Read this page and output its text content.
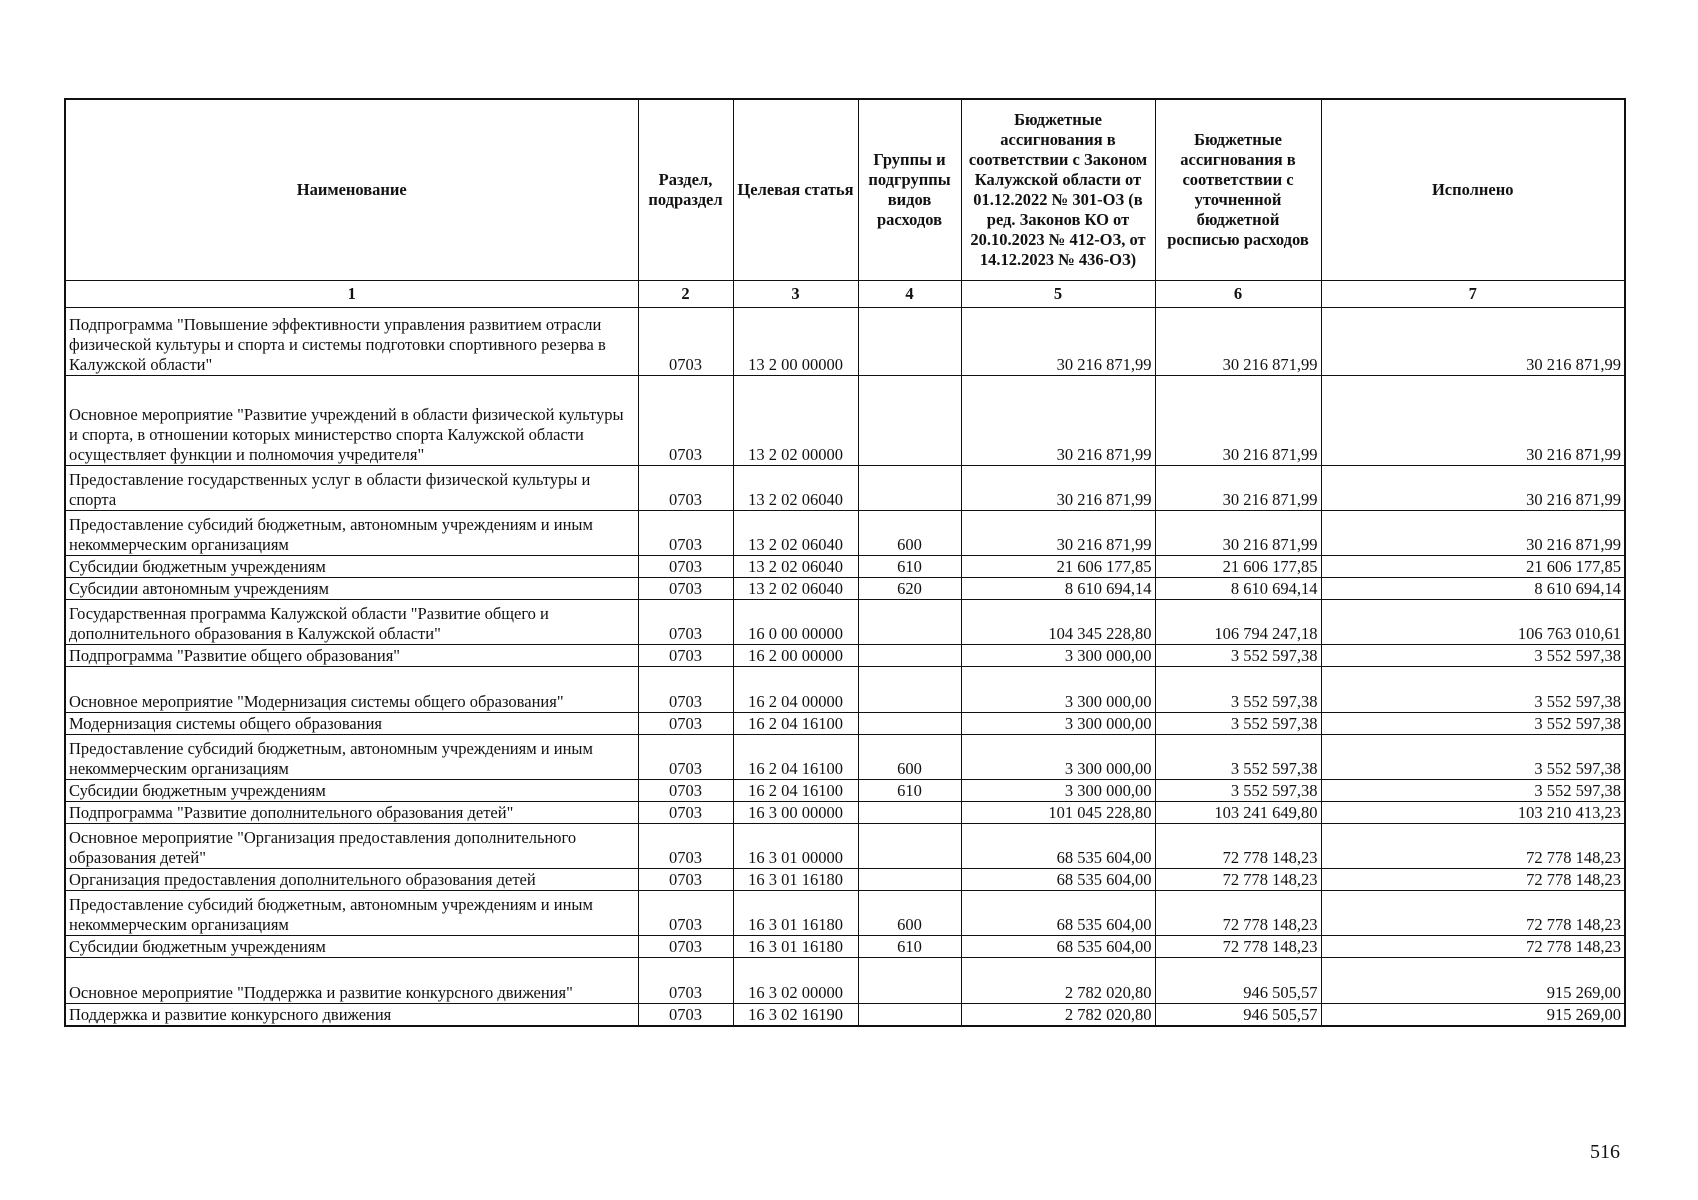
Наименование	Раздел, подраздел	Целевая статья	Группы и подгруппы видов расходов	Бюджетные ассигнования в соответствии с Законом Калужской области от 01.12.2022 № 301-ОЗ (в ред. Законов КО от 20.10.2023 № 412-ОЗ, от 14.12.2023 № 436-ОЗ)	Бюджетные ассигнования в соответствии с уточненной бюджетной росписью расходов	Исполнено
1	2	3	4	5	6	7
Подпрограмма "Повышение эффективности управления развитием отрасли физической культуры и спорта и системы подготовки спортивного резерва в Калужской области"	0703	13 2 00 00000		30 216 871,99	30 216 871,99	30 216 871,99
Основное мероприятие "Развитие учреждений в области физической культуры и спорта, в отношении которых министерство спорта Калужской области осуществляет функции и полномочия учредителя"	0703	13 2 02 00000		30 216 871,99	30 216 871,99	30 216 871,99
Предоставление государственных услуг в области физической культуры и спорта	0703	13 2 02 06040		30 216 871,99	30 216 871,99	30 216 871,99
Предоставление субсидий бюджетным, автономным учреждениям и иным некоммерческим организациям	0703	13 2 02 06040	600	30 216 871,99	30 216 871,99	30 216 871,99
Субсидии бюджетным учреждениям	0703	13 2 02 06040	610	21 606 177,85	21 606 177,85	21 606 177,85
Субсидии автономным учреждениям	0703	13 2 02 06040	620	8 610 694,14	8 610 694,14	8 610 694,14
Государственная программа Калужской области "Развитие общего и дополнительного образования в Калужской области"	0703	16 0 00 00000		104 345 228,80	106 794 247,18	106 763 010,61
Подпрограмма "Развитие общего образования"	0703	16 2 00 00000		3 300 000,00	3 552 597,38	3 552 597,38
Основное мероприятие "Модернизация системы общего образования"	0703	16 2 04 00000		3 300 000,00	3 552 597,38	3 552 597,38
Модернизация системы общего образования	0703	16 2 04 16100		3 300 000,00	3 552 597,38	3 552 597,38
Предоставление субсидий бюджетным, автономным учреждениям и иным некоммерческим организациям	0703	16 2 04 16100	600	3 300 000,00	3 552 597,38	3 552 597,38
Субсидии бюджетным учреждениям	0703	16 2 04 16100	610	3 300 000,00	3 552 597,38	3 552 597,38
Подпрограмма "Развитие дополнительного образования детей"	0703	16 3 00 00000		101 045 228,80	103 241 649,80	103 210 413,23
Основное мероприятие "Организация предоставления дополнительного образования детей"	0703	16 3 01 00000		68 535 604,00	72 778 148,23	72 778 148,23
Организация предоставления дополнительного образования детей	0703	16 3 01 16180		68 535 604,00	72 778 148,23	72 778 148,23
Предоставление субсидий бюджетным, автономным учреждениям и иным некоммерческим организациям	0703	16 3 01 16180	600	68 535 604,00	72 778 148,23	72 778 148,23
Субсидии бюджетным учреждениям	0703	16 3 01 16180	610	68 535 604,00	72 778 148,23	72 778 148,23
Основное мероприятие "Поддержка и развитие конкурсного движения"	0703	16 3 02 00000		2 782 020,80	946 505,57	915 269,00
Поддержка и развитие конкурсного движения	0703	16 3 02 16190		2 782 020,80	946 505,57	915 269,00
516
